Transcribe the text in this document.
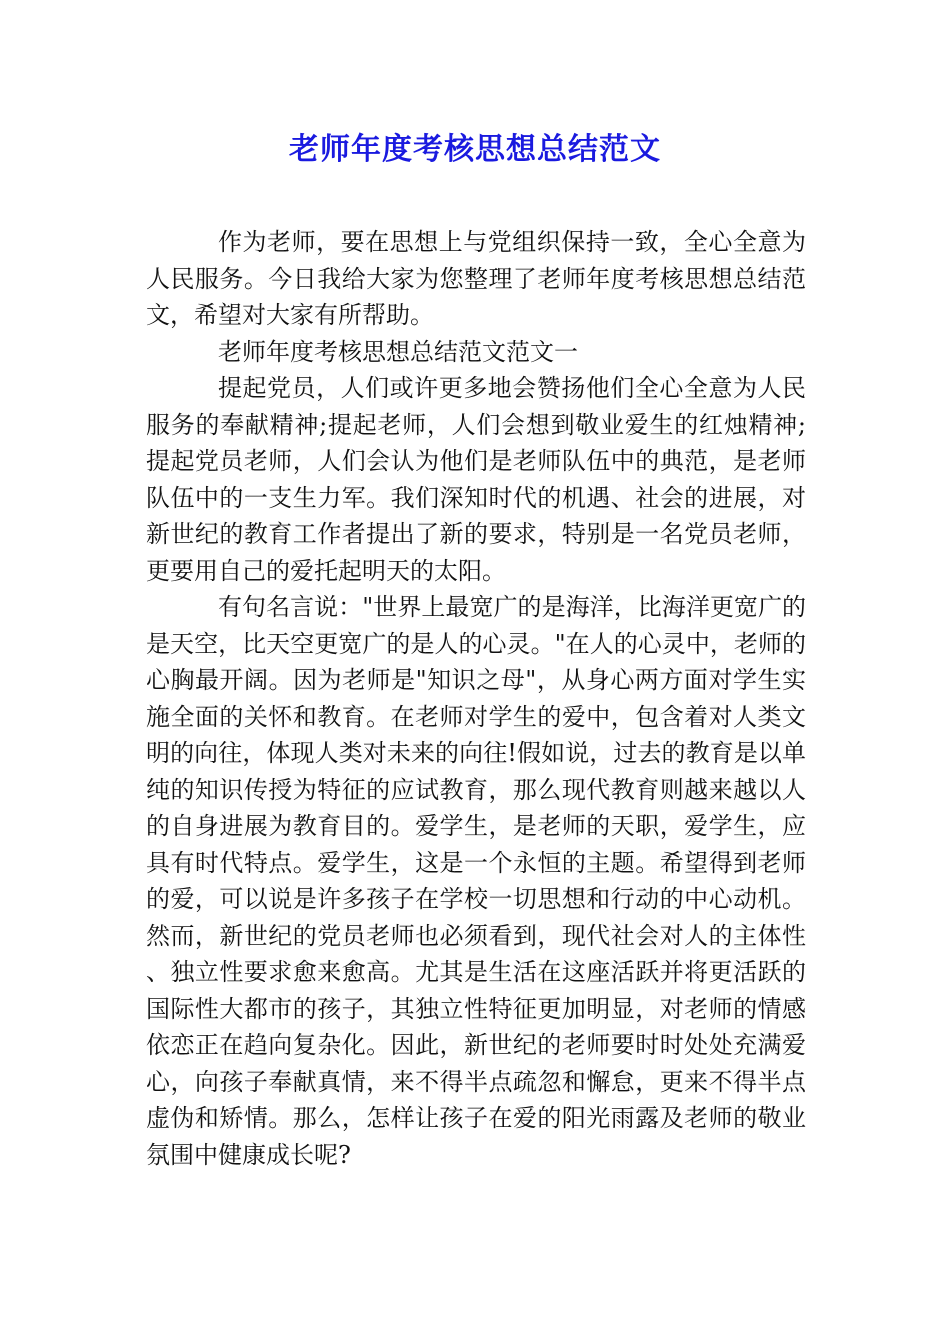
老师年度考核思想总结范文

作为老师，要在思想上与党组织保持一致，全心全意为人民服务。今日我给大家为您整理了老师年度考核思想总结范文，希望对大家有所帮助。

老师年度考核思想总结范文范文一

提起党员，人们或许更多地会赞扬他们全心全意为人民服务的奉献精神;提起老师，人们会想到敬业爱生的红烛精神;提起党员老师，人们会认为他们是老师队伍中的典范，是老师队伍中的一支生力军。我们深知时代的机遇、社会的进展，对新世纪的教育工作者提出了新的要求，特别是一名党员老师，更要用自己的爱托起明天的太阳。

有句名言说："世界上最宽广的是海洋，比海洋更宽广的是天空，比天空更宽广的是人的心灵。"在人的心灵中，老师的心胸最开阔。因为老师是"知识之母"，从身心两方面对学生实施全面的关怀和教育。在老师对学生的爱中，包含着对人类文明的向往，体现人类对未来的向往!假如说，过去的教育是以单纯的知识传授为特征的应试教育，那么现代教育则越来越以人的自身进展为教育目的。爱学生，是老师的天职，爱学生，应具有时代特点。爱学生，这是一个永恒的主题。希望得到老师的爱，可以说是许多孩子在学校一切思想和行动的中心动机。然而，新世纪的党员老师也必须看到，现代社会对人的主体性、独立性要求愈来愈高。尤其是生活在这座活跃并将更活跃的国际性大都市的孩子，其独立性特征更加明显，对老师的情感依恋正在趋向复杂化。因此，新世纪的老师要时时处处充满爱心，向孩子奉献真情，来不得半点疏忽和懈怠，更来不得半点虚伪和矫情。那么，怎样让孩子在爱的阳光雨露及老师的敬业氛围中健康成长呢?
